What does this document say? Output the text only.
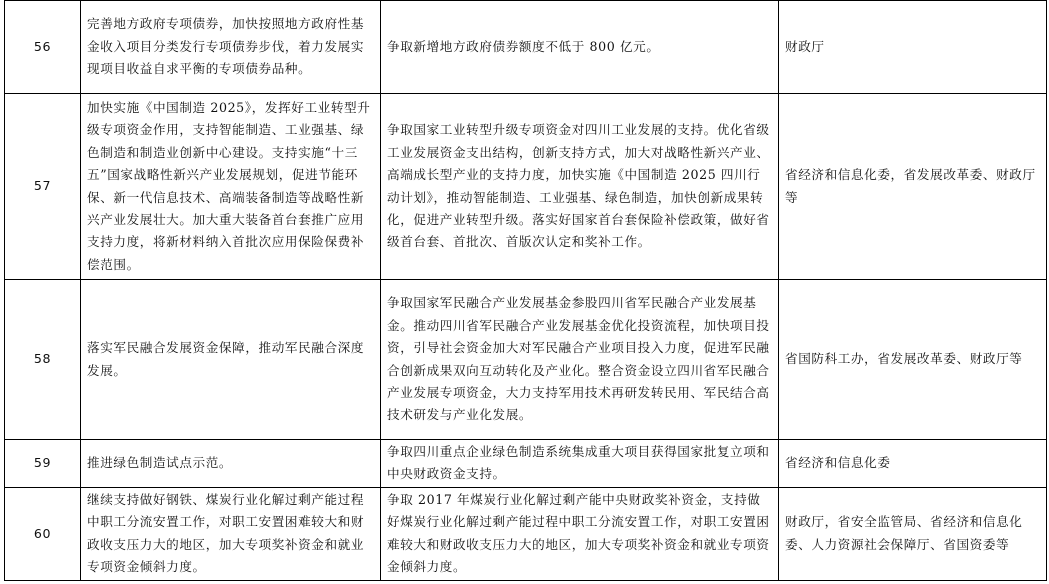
56	完善地方政府专项债券，加快按照地方政府性基金收入项目分类发行专项债券步伐，着力发展实现项目收益自求平衡的专项债券品种。	争取新增地方政府债券额度不低于 800 亿元。	财政厅

57	加快实施《中国制造 2025》，发挥好工业转型升级专项资金作用，支持智能制造、工业强基、绿色制造和制造业创新中心建设。支持实施“十三五”国家战略性新兴产业发展规划，促进节能环保、新一代信息技术、高端装备制造等战略性新兴产业发展壮大。加大重大装备首台套推广应用支持力度，将新材料纳入首批次应用保险保费补偿范围。	争取国家工业转型升级专项资金对四川工业发展的支持。优化省级工业发展资金支出结构，创新支持方式，加大对战略性新兴产业、高端成长型产业的支持力度，加快实施《中国制造 2025 四川行动计划》，推动智能制造、工业强基、绿色制造，加快创新成果转化，促进产业转型升级。落实好国家首台套保险补偿政策，做好省级首台套、首批次、首版次认定和奖补工作。	省经济和信息化委，省发展改革委、财政厅等

58	落实军民融合发展资金保障，推动军民融合深度发展。	争取国家军民融合产业发展基金参股四川省军民融合产业发展基金。推动四川省军民融合产业发展基金优化投资流程，加快项目投资，引导社会资金加大对军民融合产业项目投入力度，促进军民融合创新成果双向互动转化及产业化。整合资金设立四川省军民融合产业发展专项资金，大力支持军用技术再研发转民用、军民结合高技术研发与产业化发展。	省国防科工办，省发展改革委、财政厅等

59	推进绿色制造试点示范。	争取四川重点企业绿色制造系统集成重大项目获得国家批复立项和中央财政资金支持。	省经济和信息化委

60	继续支持做好钢铁、煤炭行业化解过剩产能过程中职工分流安置工作，对职工安置困难较大和财政收支压力大的地区，加大专项奖补资金和就业专项资金倾斜力度。	争取 2017 年煤炭行业化解过剩产能中央财政奖补资金，支持做好煤炭行业化解过剩产能过程中职工分流安置工作，对职工安置困难较大和财政收支压力大的地区，加大专项奖补资金和就业专项资金倾斜力度。	财政厅，省安全监管局、省经济和信息化委、人力资源社会保障厅、省国资委等
